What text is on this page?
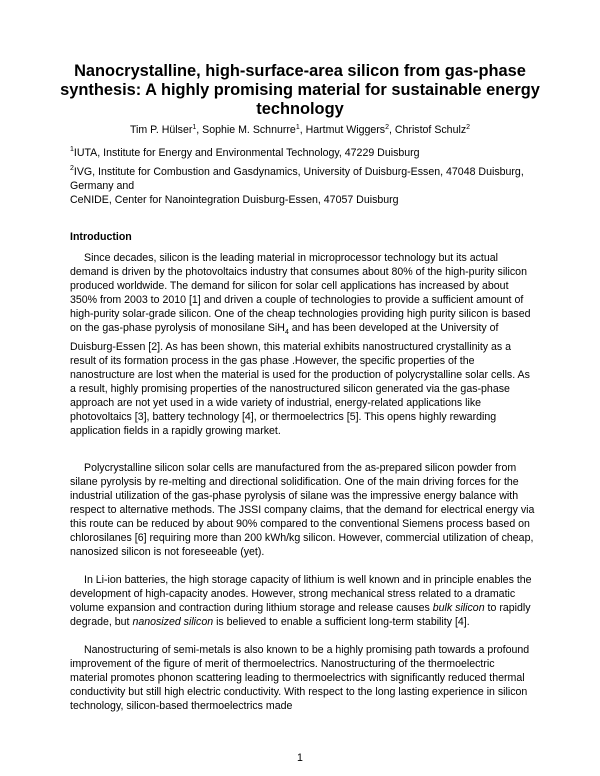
Nanocrystalline, high-surface-area silicon from gas-phase synthesis: A highly promising material for sustainable energy technology

Tim P. Hülser$^1$, Sophie M. Schnurre$^1$, Hartmut Wiggers$^2$, Christof Schulz$^2$

$^1$IUTA, Institute for Energy and Environmental Technology, 47229 Duisburg

$^2$IVG, Institute for Combustion and Gasdynamics, University of Duisburg-Essen, 47048 Duisburg, Germany and
CeNIDE, Center for Nanointegration Duisburg-Essen, 47057 Duisburg

Introduction

Since decades, silicon is the leading material in microprocessor technology but its actual demand is driven by the photovoltaics industry that consumes about 80% of the high-purity silicon produced worldwide. The demand for silicon for solar cell applications has increased by about 350% from 2003 to 2010 [1] and driven a couple of technologies to provide a sufficient amount of high-purity solar-grade silicon. One of the cheap technologies providing high purity silicon is based on the gas-phase pyrolysis of monosilane SiH$_4$ and has been developed at the University of Duisburg-Essen [2]. As has been shown, this material exhibits nanostructured crystallinity as a result of its formation process in the gas phase .However, the specific properties of the nanostructure are lost when the material is used for the production of polycrystalline solar cells. As a result, highly promising properties of the nanostructured silicon generated via the gas-phase approach are not yet used in a wide variety of industrial, energy-related applications like photovoltaics [3], battery technology [4], or thermoelectrics [5]. This opens highly rewarding application fields in a rapidly growing market.

Polycrystalline silicon solar cells are manufactured from the as-prepared silicon powder from silane pyrolysis by re-melting and directional solidification. One of the main driving forces for the industrial utilization of the gas-phase pyrolysis of silane was the impressive energy balance with respect to alternative methods. The JSSI company claims, that the demand for electrical energy via this route can be reduced by about 90% compared to the conventional Siemens process based on chlorosilanes [6] requiring more than 200 kWh/kg silicon. However, commercial utilization of cheap, nanosized silicon is not foreseeable (yet).

In Li-ion batteries, the high storage capacity of lithium is well known and in principle enables the development of high-capacity anodes. However, strong mechanical stress related to a dramatic volume expansion and contraction during lithium storage and release causes bulk silicon to rapidly degrade, but nanosized silicon is believed to enable a sufficient long-term stability [4].

Nanostructuring of semi-metals is also known to be a highly promising path towards a profound improvement of the figure of merit of thermoelectrics. Nanostructuring of the thermoelectric material promotes phonon scattering leading to thermoelectrics with significantly reduced thermal conductivity but still high electric conductivity. With respect to the long lasting experience in silicon technology, silicon-based thermoelectrics made

1
